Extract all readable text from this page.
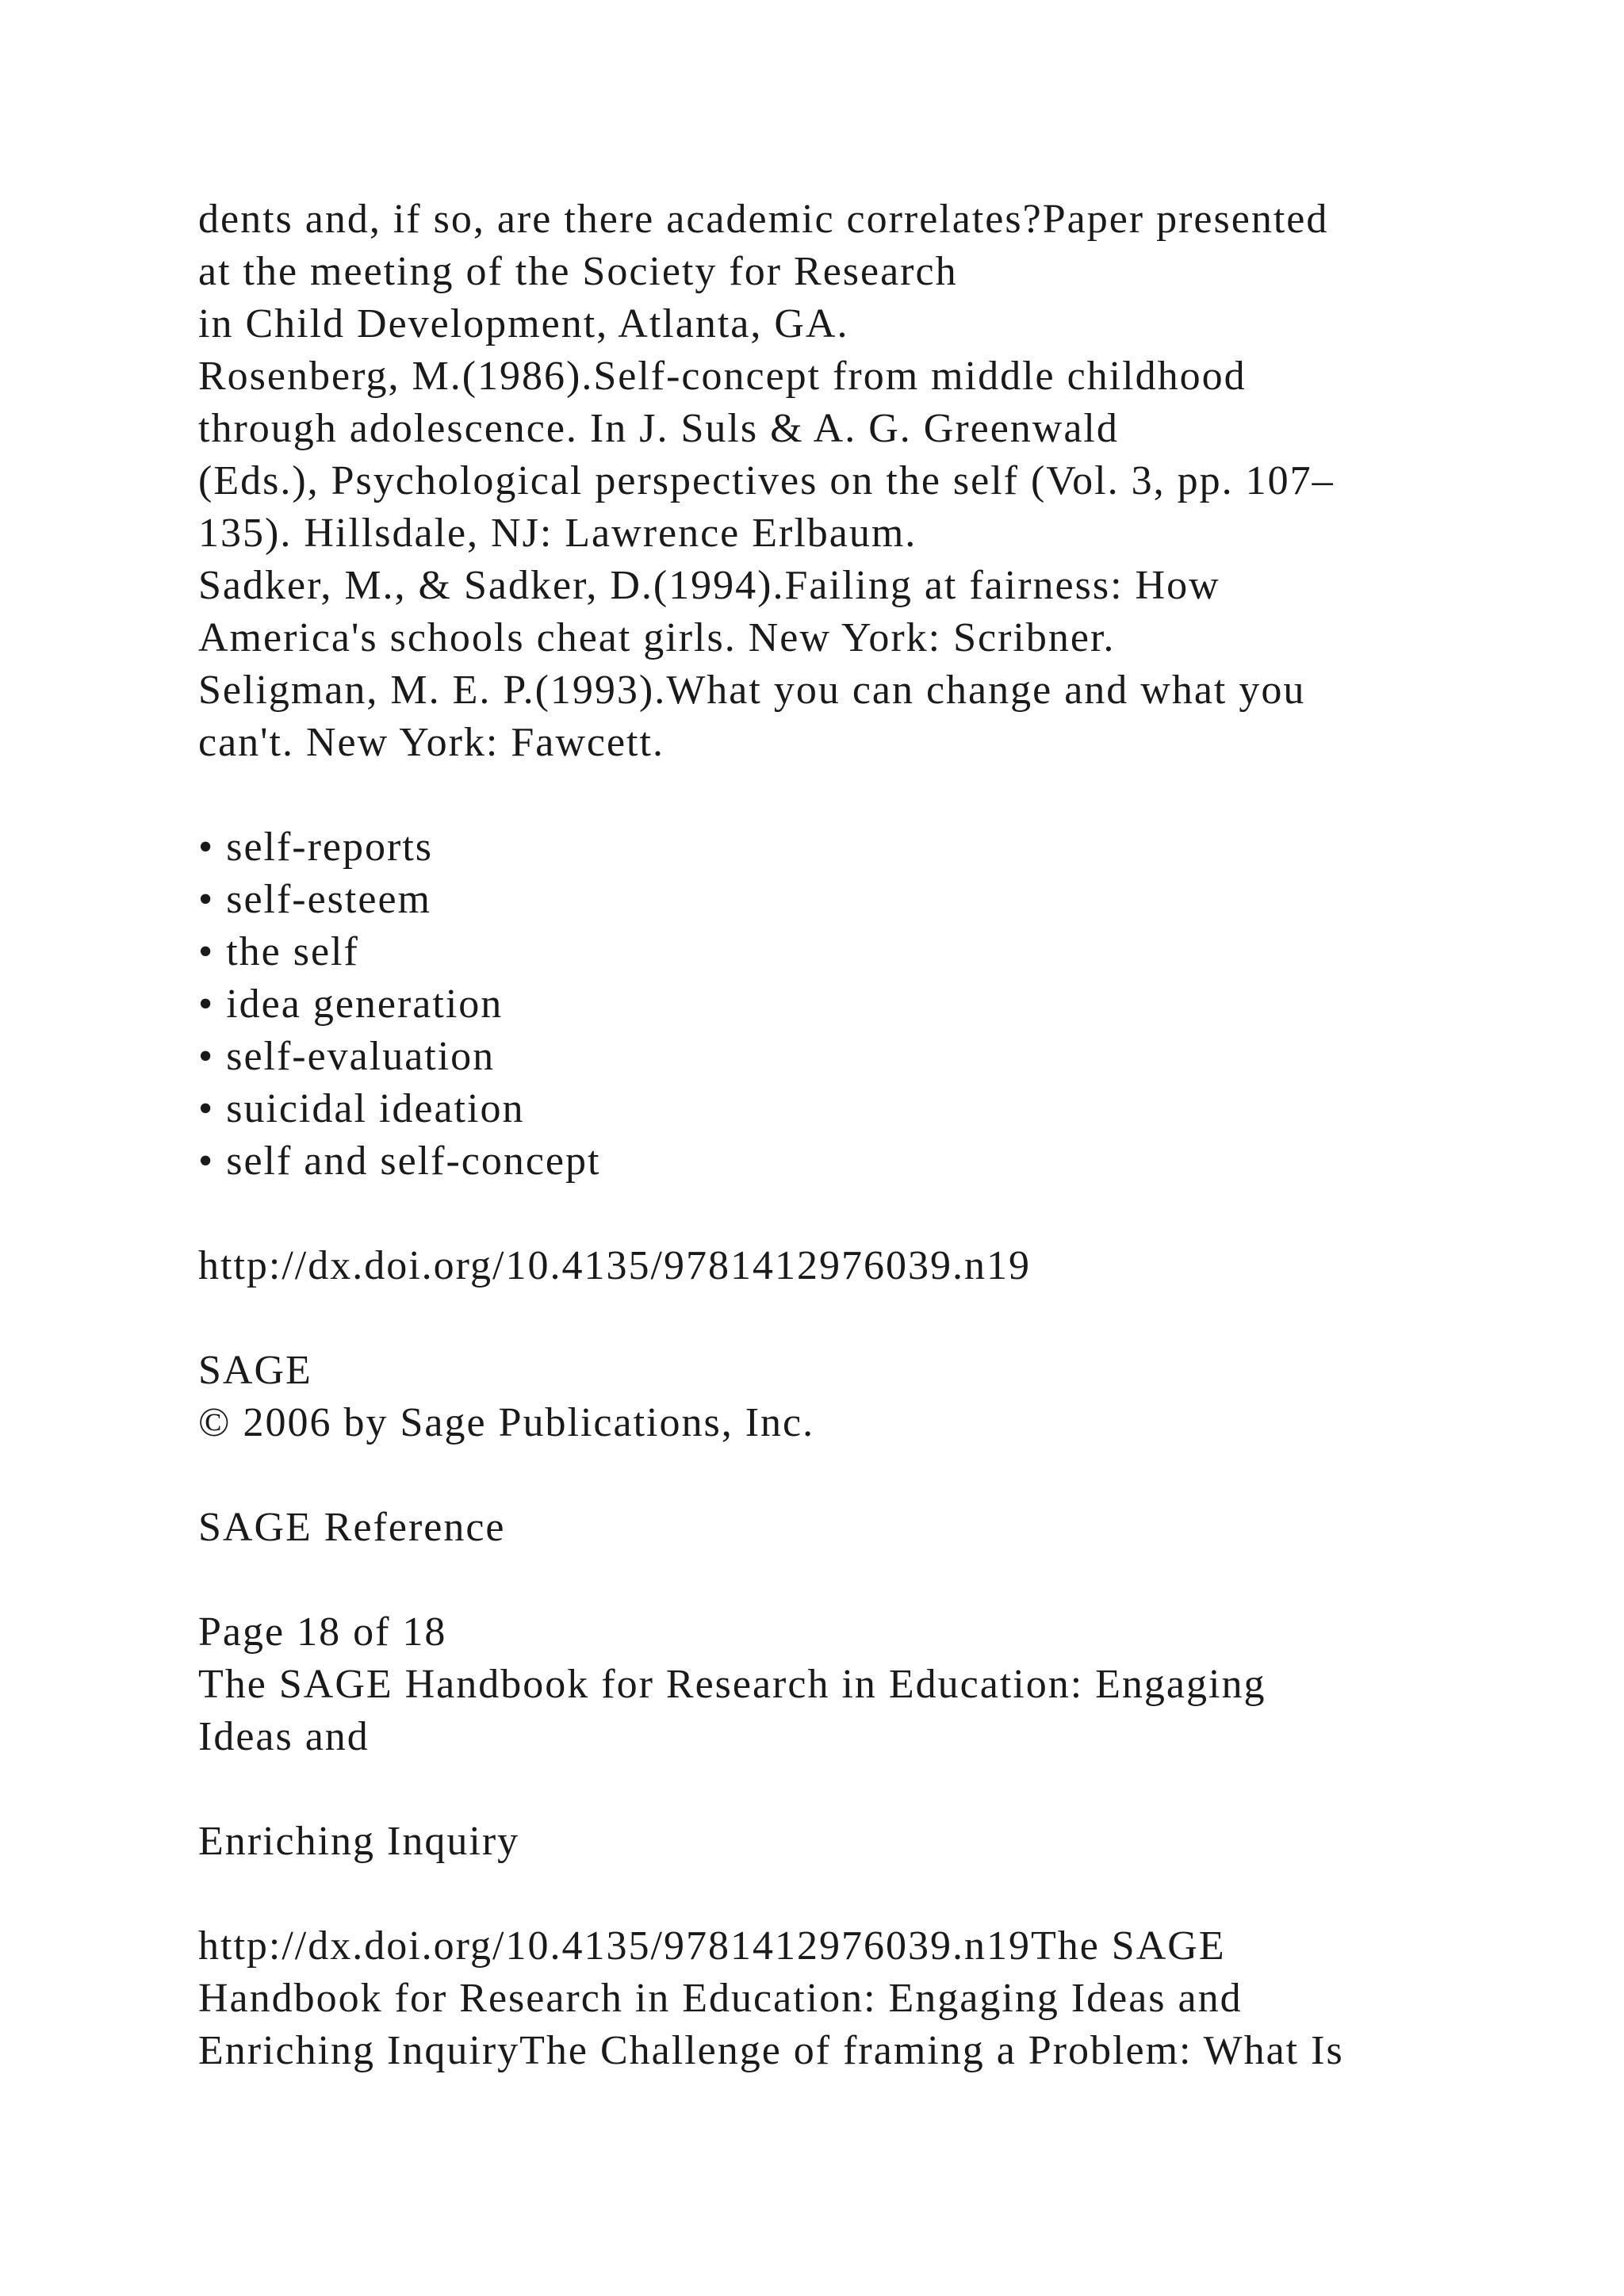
dents and, if so, are there academic correlates?Paper presented
at the meeting of the Society for Research
in Child Development, Atlanta, GA.
Rosenberg, M.(1986).Self-concept from middle childhood
through adolescence. In J. Suls & A. G. Greenwald
(Eds.), Psychological perspectives on the self (Vol. 3, pp. 107–
135). Hillsdale, NJ: Lawrence Erlbaum.
Sadker, M., & Sadker, D.(1994).Failing at fairness: How
America's schools cheat girls. New York: Scribner.
Seligman, M. E. P.(1993).What you can change and what you
can't. New York: Fawcett.
• self-reports
• self-esteem
• the self
• idea generation
• self-evaluation
• suicidal ideation
• self and self-concept
http://dx.doi.org/10.4135/9781412976039.n19
SAGE
© 2006 by Sage Publications, Inc.
SAGE Reference
Page 18 of 18
The SAGE Handbook for Research in Education: Engaging
Ideas and
Enriching Inquiry
http://dx.doi.org/10.4135/9781412976039.n19The SAGE
Handbook for Research in Education: Engaging Ideas and
Enriching InquiryThe Challenge of framing a Problem: What Is
